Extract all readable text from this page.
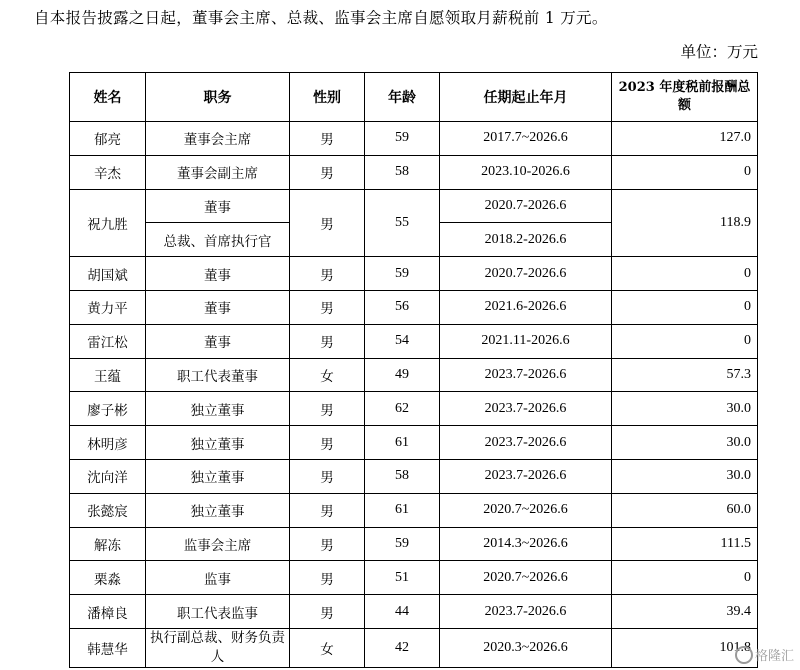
自本报告披露之日起，董事会主席、总裁、监事会主席自愿领取月薪税前 1 万元。
单位：万元
姓名	职务	性别	年龄	任期起止年月	2023 年度税前报酬总额
郁亮	董事会主席	男	59	2017.7~2026.6	127.0
辛杰	董事会副主席	男	58	2023.10-2026.6	0
祝九胜	董事	男	55	2020.7-2026.6	118.9
	总裁、首席执行官			2018.2-2026.6	
胡国斌	董事	男	59	2020.7-2026.6	0
黄力平	董事	男	56	2021.6-2026.6	0
雷江松	董事	男	54	2021.11-2026.6	0
王蕴	职工代表董事	女	49	2023.7-2026.6	57.3
廖子彬	独立董事	男	62	2023.7-2026.6	30.0
林明彦	独立董事	男	61	2023.7-2026.6	30.0
沈向洋	独立董事	男	58	2023.7-2026.6	30.0
张懿宸	独立董事	男	61	2020.7~2026.6	60.0
解冻	监事会主席	男	59	2014.3~2026.6	111.5
栗淼	监事	男	51	2020.7~2026.6	0
潘樟良	职工代表监事	男	44	2023.7-2026.6	39.4
韩慧华	执行副总裁、财务负责人	女	42	2020.3~2026.6	101.8
格隆汇
